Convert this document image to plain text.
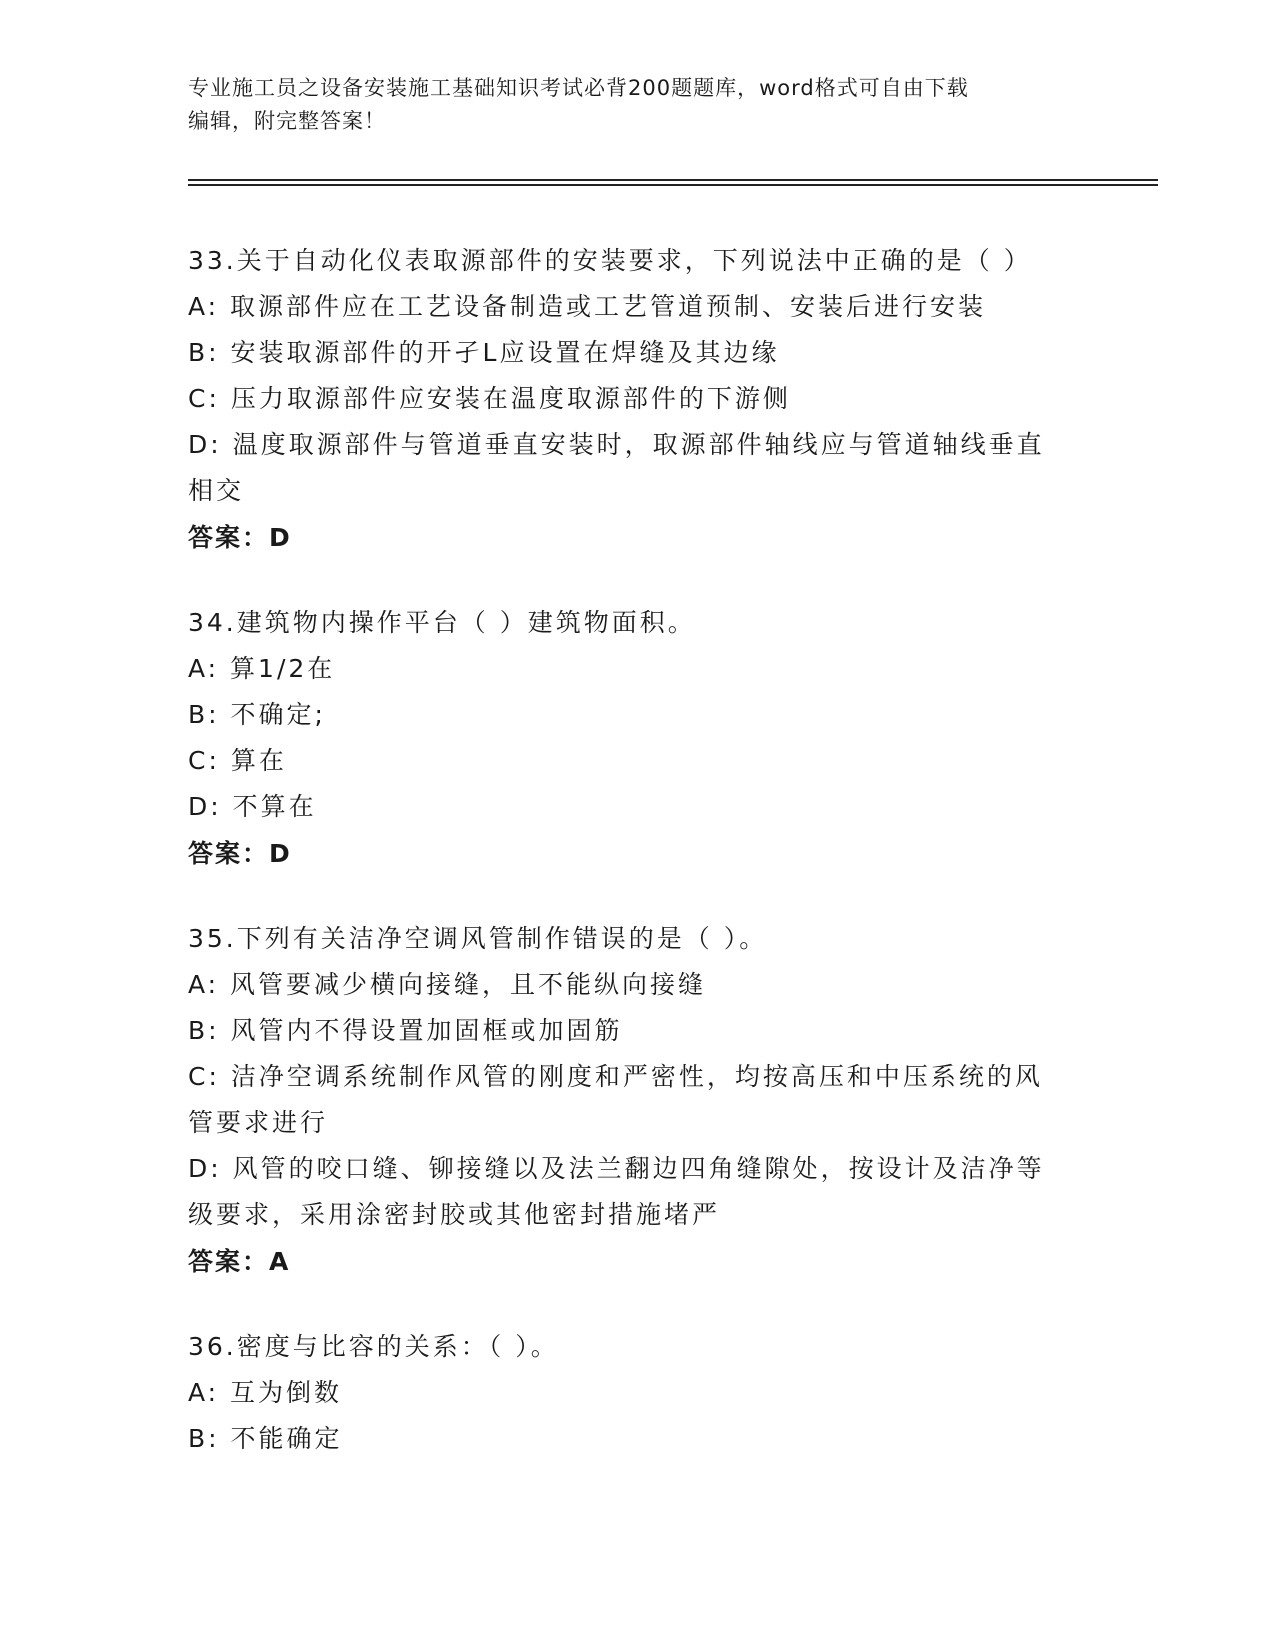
专业施工员之设备安装施工基础知识考试必背200题题库，word格式可自由下载
编辑，附完整答案！
33.关于自动化仪表取源部件的安装要求，下列说法中正确的是（ ）
A: 取源部件应在工艺设备制造或工艺管道预制、安装后进行安装
B: 安装取源部件的开孑L应设置在焊缝及其边缘
C: 压力取源部件应安装在温度取源部件的下游侧
D: 温度取源部件与管道垂直安装时，取源部件轴线应与管道轴线垂直
相交
答案：D
34.建筑物内操作平台（ ）建筑物面积。
A: 算1/2在
B: 不确定;
C: 算在
D: 不算在
答案：D
35.下列有关洁净空调风管制作错误的是（ ）。
A: 风管要减少横向接缝，且不能纵向接缝
B: 风管内不得设置加固框或加固筋
C: 洁净空调系统制作风管的刚度和严密性，均按高压和中压系统的风
管要求进行
D: 风管的咬口缝、铆接缝以及法兰翻边四角缝隙处，按设计及洁净等
级要求，采用涂密封胶或其他密封措施堵严
答案：A
36.密度与比容的关系：（ ）。
A: 互为倒数
B: 不能确定
